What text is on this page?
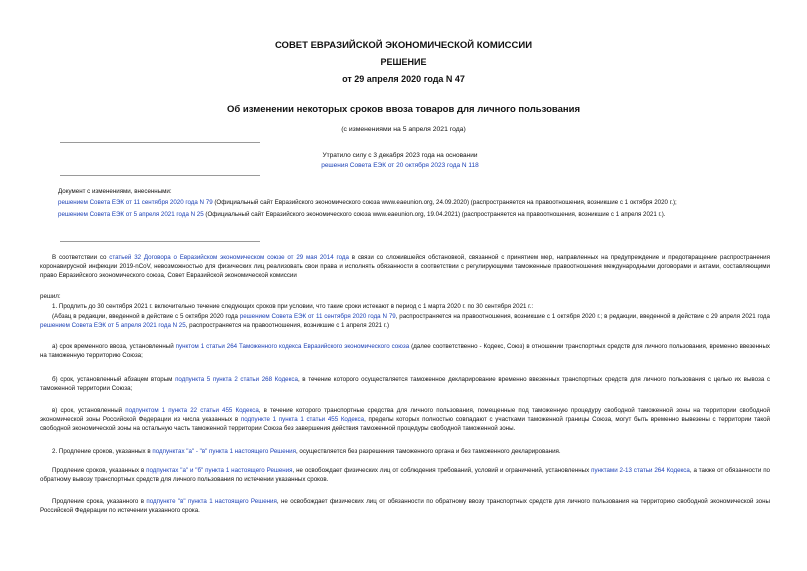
СОВЕТ ЕВРАЗИЙСКОЙ ЭКОНОМИЧЕСКОЙ КОМИССИИ
РЕШЕНИЕ
от 29 апреля 2020 года N 47
Об изменении некоторых сроков ввоза товаров для личного пользования
(с изменениями на 5 апреля 2021 года)
Утратило силу с 3 декабря 2023 года на основании
решения Совета ЕЭК от 20 октября 2023 года N 118
Документ с изменениями, внесенными:
решением Совета ЕЭК от 11 сентября 2020 года N 79 (Официальный сайт Евразийского экономического союза www.eaeunion.org, 24.09.2020) (распространяется на правоотношения, возникшие с 1 октября 2020 г.);
решением Совета ЕЭК от 5 апреля 2021 года N 25 (Официальный сайт Евразийского экономического союза www.eaeunion.org, 19.04.2021) (распространяется на правоотношения, возникшие с 1 апреля 2021 г.).
В соответствии со статьей 32 Договора о Евразийском экономическом союзе от 29 мая 2014 года в связи со сложившейся обстановкой, связанной с принятием мер, направленных на предупреждение и предотвращение распространения коронавирусной инфекции 2019-nCoV, невозможностью для физических лиц реализовать свои права и исполнять обязанности в соответствии с регулирующими таможенные правоотношения международными договорами и актами, составляющими право Евразийского экономического союза, Совет Евразийской экономической комиссии
решил:
1. Продлить до 30 сентября 2021 г. включительно течение следующих сроков при условии, что такие сроки истекают в период с 1 марта 2020 г. по 30 сентября 2021 г.:
(Абзац в редакции, введенной в действие с 5 октября 2020 года решением Совета ЕЭК от 11 сентября 2020 года N 79, распространяется на правоотношения, возникшие с 1 октября 2020 г.; в редакции, введенной в действие с 29 апреля 2021 года решением Совета ЕЭК от 5 апреля 2021 года N 25, распространяется на правоотношения, возникшие с 1 апреля 2021 г.)
а) срок временного ввоза, установленный пунктом 1 статьи 264 Таможенного кодекса Евразийского экономического союза (далее соответственно - Кодекс, Союз) в отношении транспортных средств для личного пользования, временно ввезенных на таможенную территорию Союза;
б) срок, установленный абзацем вторым подпункта 5 пункта 2 статьи 268 Кодекса, в течение которого осуществляется таможенное декларирование временно ввезенных транспортных средств для личного пользования с целью их вывоза с таможенной территории Союза;
в) срок, установленный подпунктом 1 пункта 22 статьи 455 Кодекса, в течение которого транспортные средства для личного пользования, помещенные под таможенную процедуру свободной таможенной зоны на территории свободной экономической зоны Российской Федерации из числа указанных в подпункте 1 пункта 1 статьи 455 Кодекса, пределы которых полностью совпадают с участками таможенной границы Союза, могут быть временно вывезены с территории такой свободной экономической зоны на остальную часть таможенной территории Союза без завершения действия таможенной процедуры свободной таможенной зоны.
2. Продление сроков, указанных в подпунктах "а" - "в" пункта 1 настоящего Решения, осуществляется без разрешения таможенного органа и без таможенного декларирования.
Продление сроков, указанных в подпунктах "а" и "б" пункта 1 настоящего Решения, не освобождает физических лиц от соблюдения требований, условий и ограничений, установленных пунктами 2-13 статьи 264 Кодекса, а также от обязанности по обратному вывозу транспортных средств для личного пользования по истечении указанных сроков.
Продление срока, указанного в подпункте "в" пункта 1 настоящего Решения, не освобождает физических лиц от обязанности по обратному ввозу транспортных средств для личного пользования на территорию свободной экономической зоны Российской Федерации по истечении указанного срока.
